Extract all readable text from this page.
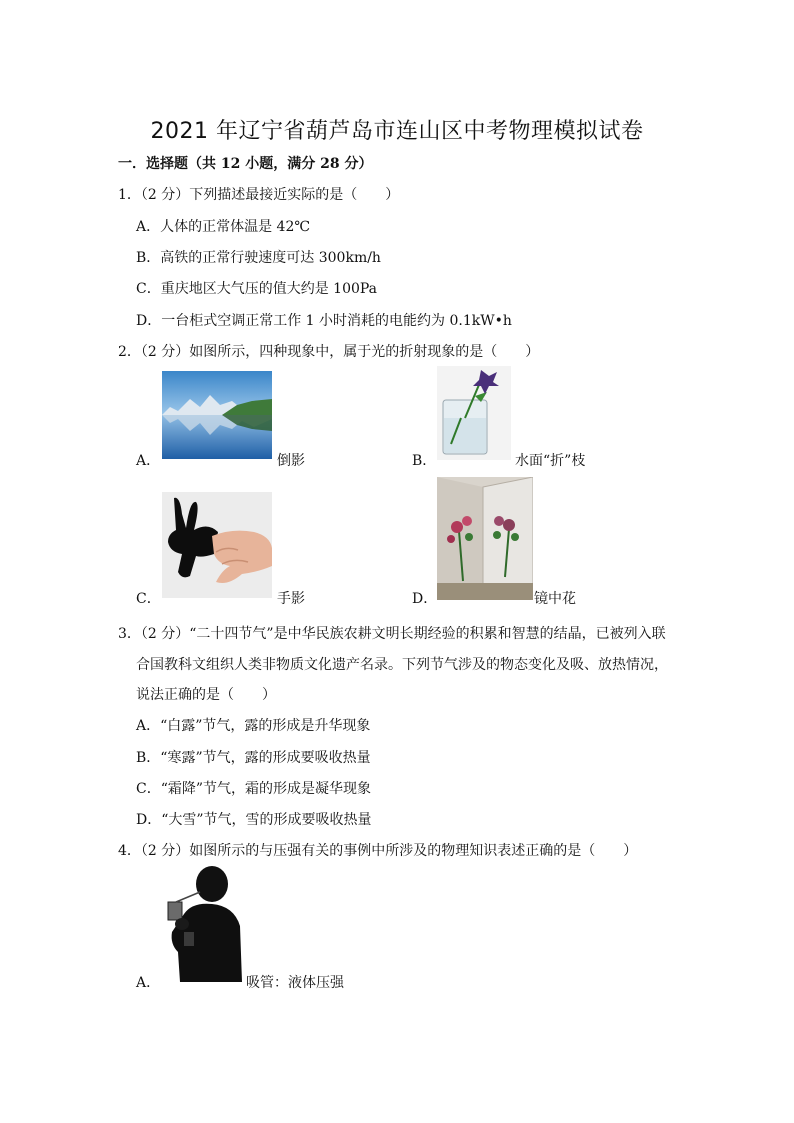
2021 年辽宁省葫芦岛市连山区中考物理模拟试卷
一．选择题（共 12 小题，满分 28 分）
1．（2 分）下列描述最接近实际的是（　　）
A．人体的正常体温是 42℃
B．高铁的正常行驶速度可达 300km/h
C．重庆地区大气压的值大约是 100Pa
D．一台柜式空调正常工作 1 小时消耗的电能约为 0.1kW•h
2．（2 分）如图所示，四种现象中，属于光的折射现象的是（　　）
A．	倒影	B．	水面“折”枝
C．	手影	D．	镜中花
3．（2 分）“二十四节气”是中华民族农耕文明长期经验的积累和智慧的结晶，已被列入联
合国教科文组织人类非物质文化遗产名录。下列节气涉及的物态变化及吸、放热情况，
说法正确的是（　　）
A．“白露”节气，露的形成是升华现象
B．“寒露”节气，露的形成要吸收热量
C．“霜降”节气，霜的形成是凝华现象
D．“大雪”节气，雪的形成要吸收热量
4．（2 分）如图所示的与压强有关的事例中所涉及的物理知识表述正确的是（　　）
A．	吸管：液体压强
